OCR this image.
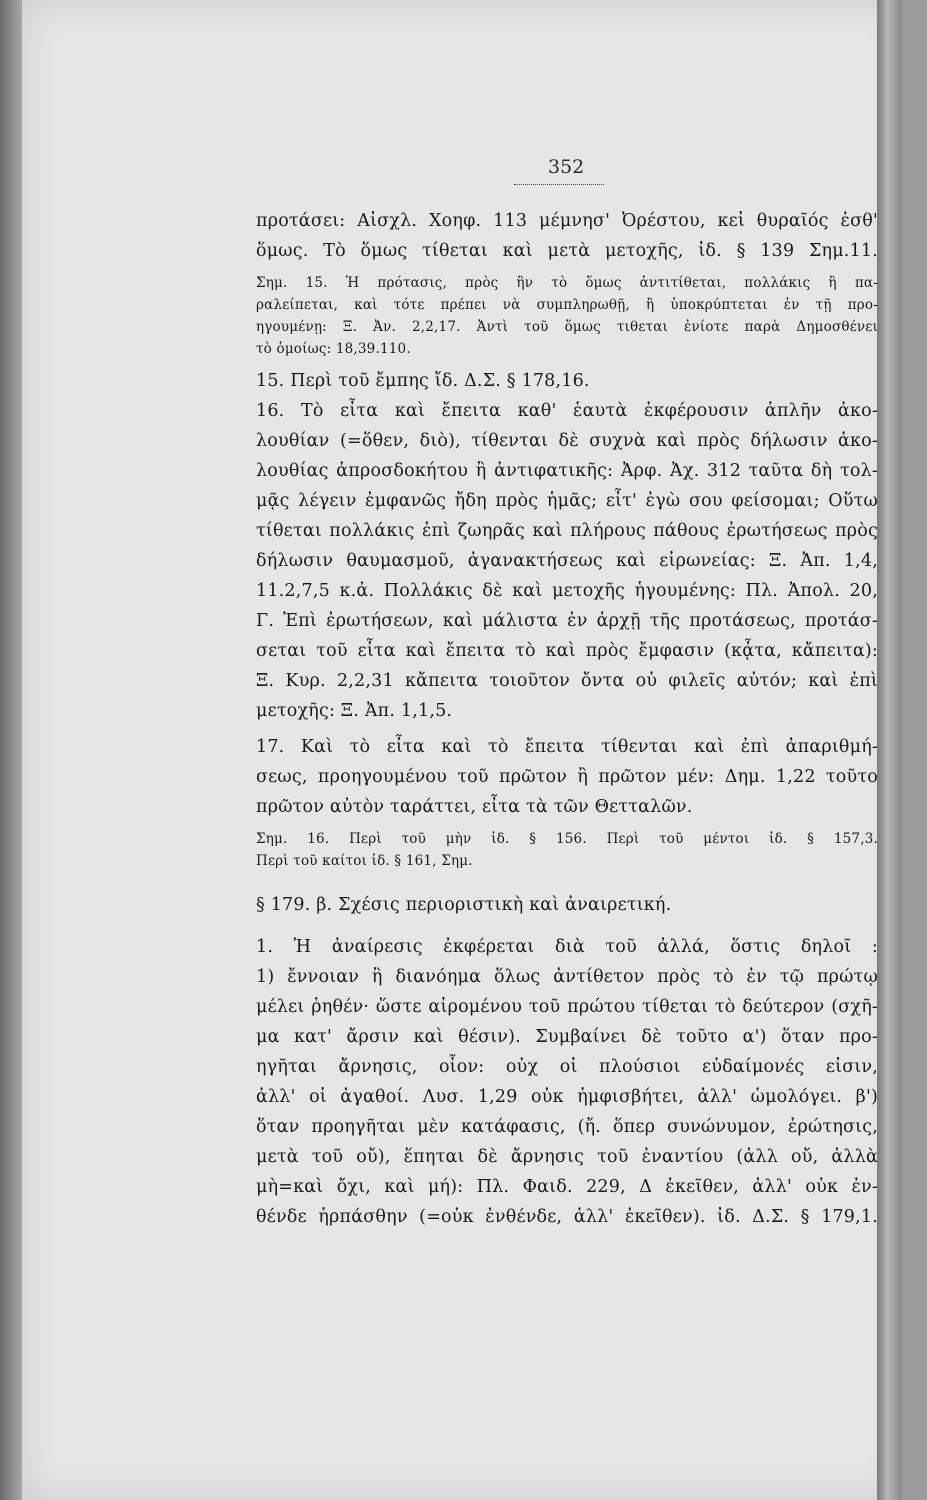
352
προτάσει: Αἰσχλ. Χοηφ. 113 μέμνησ' Ὀρέστου, κεἰ θυραῖός ἐσθ'
ὅμως. Τὸ ὅμως τίθεται καὶ μετὰ μετοχῆς, ἰδ. § 139 Σημ.11.
Σημ. 15. Ἡ πρότασις, πρὸς ἣν τὸ ὅμως ἀντιτίθεται, πολλάκις ἢ πα-
ραλείπεται, καὶ τότε πρέπει νὰ συμπληρωθῇ, ἢ ὑποκρύπτεται ἐν τῇ προ-
ηγουμένῃ: Ξ. Ἀν. 2,2,17. Ἀντὶ τοῦ ὅμως τιθεται ἐνίοτε παρὰ Δημοσθένει
τὸ ὁμοίως: 18,39.110.
15. Περὶ τοῦ ἔμπης ἴδ. Δ.Σ. § 178,16.
16. Τὸ εἶτα καὶ ἔπειτα καθ' ἑαυτὰ ἐκφέρουσιν ἁπλῆν ἀκο-
λουθίαν (=ὅθεν, διὸ), τίθενται δὲ συχνὰ καὶ πρὸς δήλωσιν ἀκο-
λουθίας ἀπροσδοκήτου ἢ ἀντιφατικῆς: Ἀρφ. Ἀχ. 312 ταῦτα δὴ τολ-
μᾷς λέγειν ἐμφανῶς ἤδη πρὸς ἡμᾶς; εἶτ' ἐγὼ σου φείσομαι; Οὕτω
τίθεται πολλάκις ἐπὶ ζωηρᾶς καὶ πλήρους πάθους ἐρωτήσεως πρὸς
δήλωσιν θαυμασμοῦ, ἀγανακτήσεως καὶ εἰρωνείας: Ξ. Ἀπ. 1,4,
11.2,7,5 κ.ἀ. Πολλάκις δὲ καὶ μετοχῆς ἡγουμένης: Πλ. Ἀπολ. 20,
Γ. Ἐπὶ ἐρωτήσεων, καὶ μάλιστα ἐν ἀρχῇ τῆς προτάσεως, προτάσ-
σεται τοῦ εἶτα καὶ ἔπειτα τὸ καὶ πρὸς ἔμφασιν (κᾆτα, κἄπειτα):
Ξ. Κυρ. 2,2,31 κἄπειτα τοιοῦτον ὄντα οὐ φιλεῖς αὐτόν; καὶ ἐπὶ
μετοχῆς: Ξ. Ἀπ. 1,1,5.
17. Καὶ τὸ εἶτα καὶ τὸ ἔπειτα τίθενται καὶ ἐπὶ ἀπαριθμή-
σεως, προηγουμένου τοῦ πρῶτον ἢ πρῶτον μέν: Δημ. 1,22 τοῦτο
πρῶτον αὐτὸν ταράττει, εἶτα τὰ τῶν Θετταλῶν.
Σημ. 16. Περὶ τοῦ μὴν ἰδ. § 156. Περὶ τοῦ μέντοι ἰδ. § 157,3.
Περὶ τοῦ καίτοι ἰδ. § 161, Σημ.
§ 179. β. Σχέσις περιοριστικὴ καὶ ἀναιρετική.
1. Ἡ ἀναίρεσις ἐκφέρεται διὰ τοῦ ἀλλά, ὅστις δηλοῖ :
1) ἔννοιαν ἢ διανόημα ὅλως ἀντίθετον πρὸς τὸ ἐν τῷ πρώτῳ
μέλει ῥηθέν· ὥστε αἰρομένου τοῦ πρώτου τίθεται τὸ δεύτερον (σχῆ-
μα κατ' ἄρσιν καὶ θέσιν). Συμβαίνει δὲ τοῦτο α') ὅταν προ-
ηγῆται ἄρνησις, οἷον: οὐχ οἱ πλούσιοι εὐδαίμονές εἰσιν,
ἀλλ' οἱ ἀγαθοί. Λυσ. 1,29 οὐκ ἠμφισβήτει, ἀλλ' ὡμολόγει. β')
ὅταν προηγῆται μὲν κατάφασις, (ἤ. ὅπερ συνώνυμον, ἐρώτησις,
μετὰ τοῦ οὔ), ἕπηται δὲ ἄρνησις τοῦ ἐναντίου (ἀλλ οὔ, ἀλλὰ
μὴ=καὶ ὄχι, καὶ μή): Πλ. Φαιδ. 229, Δ ἐκεῖθεν, ἀλλ' οὐκ ἐν-
θένδε ἡρπάσθην (=οὐκ ἐνθένδε, ἀλλ' ἐκεῖθεν). ἰδ. Δ.Σ. § 179,1.
